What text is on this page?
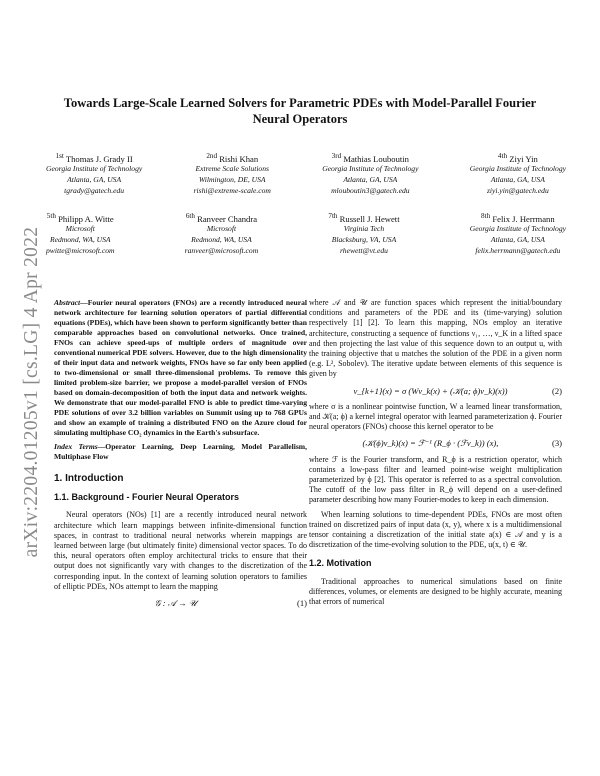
arXiv:2204.01205v1 [cs.LG] 4 Apr 2022
Towards Large-Scale Learned Solvers for Parametric PDEs with Model-Parallel Fourier Neural Operators
$^{1st}$ Thomas J. Grady II
Georgia Institute of Technology
Atlanta, GA, USA
tgrady@gatech.edu
$^{2nd}$ Rishi Khan
Extreme Scale Solutions
Wilmington, DE, USA
rishi@extreme-scale.com
$^{3rd}$ Mathias Louboutin
Georgia Institute of Technology
Atlanta, GA, USA
mlouboutin3@gatech.edu
$^{4th}$ Ziyi Yin
Georgia Institute of Technology
Atlanta, GA, USA
ziyi.yin@gatech.edu
$^{5th}$ Philipp A. Witte
Microsoft
Redmond, WA, USA
pwitte@microsoft.com
$^{6th}$ Ranveer Chandra
Microsoft
Redmond, WA, USA
ranveer@microsoft.com
$^{7th}$ Russell J. Hewett
Virginia Tech
Blacksburg, VA, USA
rhewett@vt.edu
$^{8th}$ Felix J. Herrmann
Georgia Institute of Technology
Atlanta, GA, USA
felix.herrmann@gatech.edu

Abstract—Fourier neural operators (FNOs) are a recently introduced neural network architecture for learning solution operators of partial differential equations (PDEs), which have been shown to perform significantly better than comparable approaches based on convolutional networks. Once trained, FNOs can achieve speed-ups of multiple orders of magnitude over conventional numerical PDE solvers. However, due to the high dimensionality of their input data and network weights, FNOs have so far only been applied to two-dimensional or small three-dimensional problems. To remove this limited problem-size barrier, we propose a model-parallel version of FNOs based on domain-decomposition of both the input data and network weights. We demonstrate that our model-parallel FNO is able to predict time-varying PDE solutions of over 3.2 billion variables on Summit using up to 768 GPUs and show an example of training a distributed FNO on the Azure cloud for simulating multiphase CO₂ dynamics in the Earth's subsurface.

Index Terms—Operator Learning, Deep Learning, Model Parallelism, Multiphase Flow

1. Introduction
1.1. Background - Fourier Neural Operators

Neural operators (NOs) [1] are a recently introduced neural network architecture which learn mappings between infinite-dimensional function spaces, in contrast to traditional neural networks wherein mappings are learned between large (but ultimately finite) dimensional vector spaces. To do this, neural operators often employ architectural tricks to ensure that their output does not significantly vary with changes to the discretization of the corresponding input. In the context of learning solution operators to families of elliptic PDEs, NOs attempt to learn the mapping

𝒢 : 𝒜 → 𝒰	(1)

where 𝒜 and 𝒰 are function spaces which represent the initial/boundary conditions and parameters of the PDE and its (time-varying) solution respectively [1] [2]. To learn this mapping, NOs employ an iterative architecture, constructing a sequence of functions ν₁, …, ν_K in a lifted space and then projecting the last value of this sequence down to an output u, with the training objective that u matches the solution of the PDE in a given norm (e.g. L², Sobolev). The iterative update between elements of this sequence is given by

ν_{k+1}(x) = σ (Wν_k(x) + (𝒦(a; ϕ)ν_k)(x))	(2)

where σ is a nonlinear pointwise function, W a learned linear transformation, and 𝒦(a; ϕ) a kernel integral operator with learned parameterization ϕ. Fourier neural operators (FNOs) choose this kernel operator to be

(𝒦(ϕ)ν_k)(x) = ℱ⁻¹ (R_ϕ · (ℱν_k)) (x),	(3)

where ℱ is the Fourier transform, and R_ϕ is a restriction operator, which contains a low-pass filter and learned point-wise weight multiplication parameterized by ϕ [2]. This operator is referred to as a spectral convolution. The cutoff of the low pass filter in R_ϕ will depend on a user-defined parameter describing how many Fourier-modes to keep in each dimension.

When learning solutions to time-dependent PDEs, FNOs are most often trained on discretized pairs of input data (x, y), where x is a multidimensional tensor containing a discretization of the initial state a(x) ∈ 𝒜 and y is a discretization of the time-evolving solution to the PDE, u(x, t) ∈ 𝒰.

1.2. Motivation

Traditional approaches to numerical simulations based on finite differences, volumes, or elements are designed to be highly accurate, meaning that errors of numerical
